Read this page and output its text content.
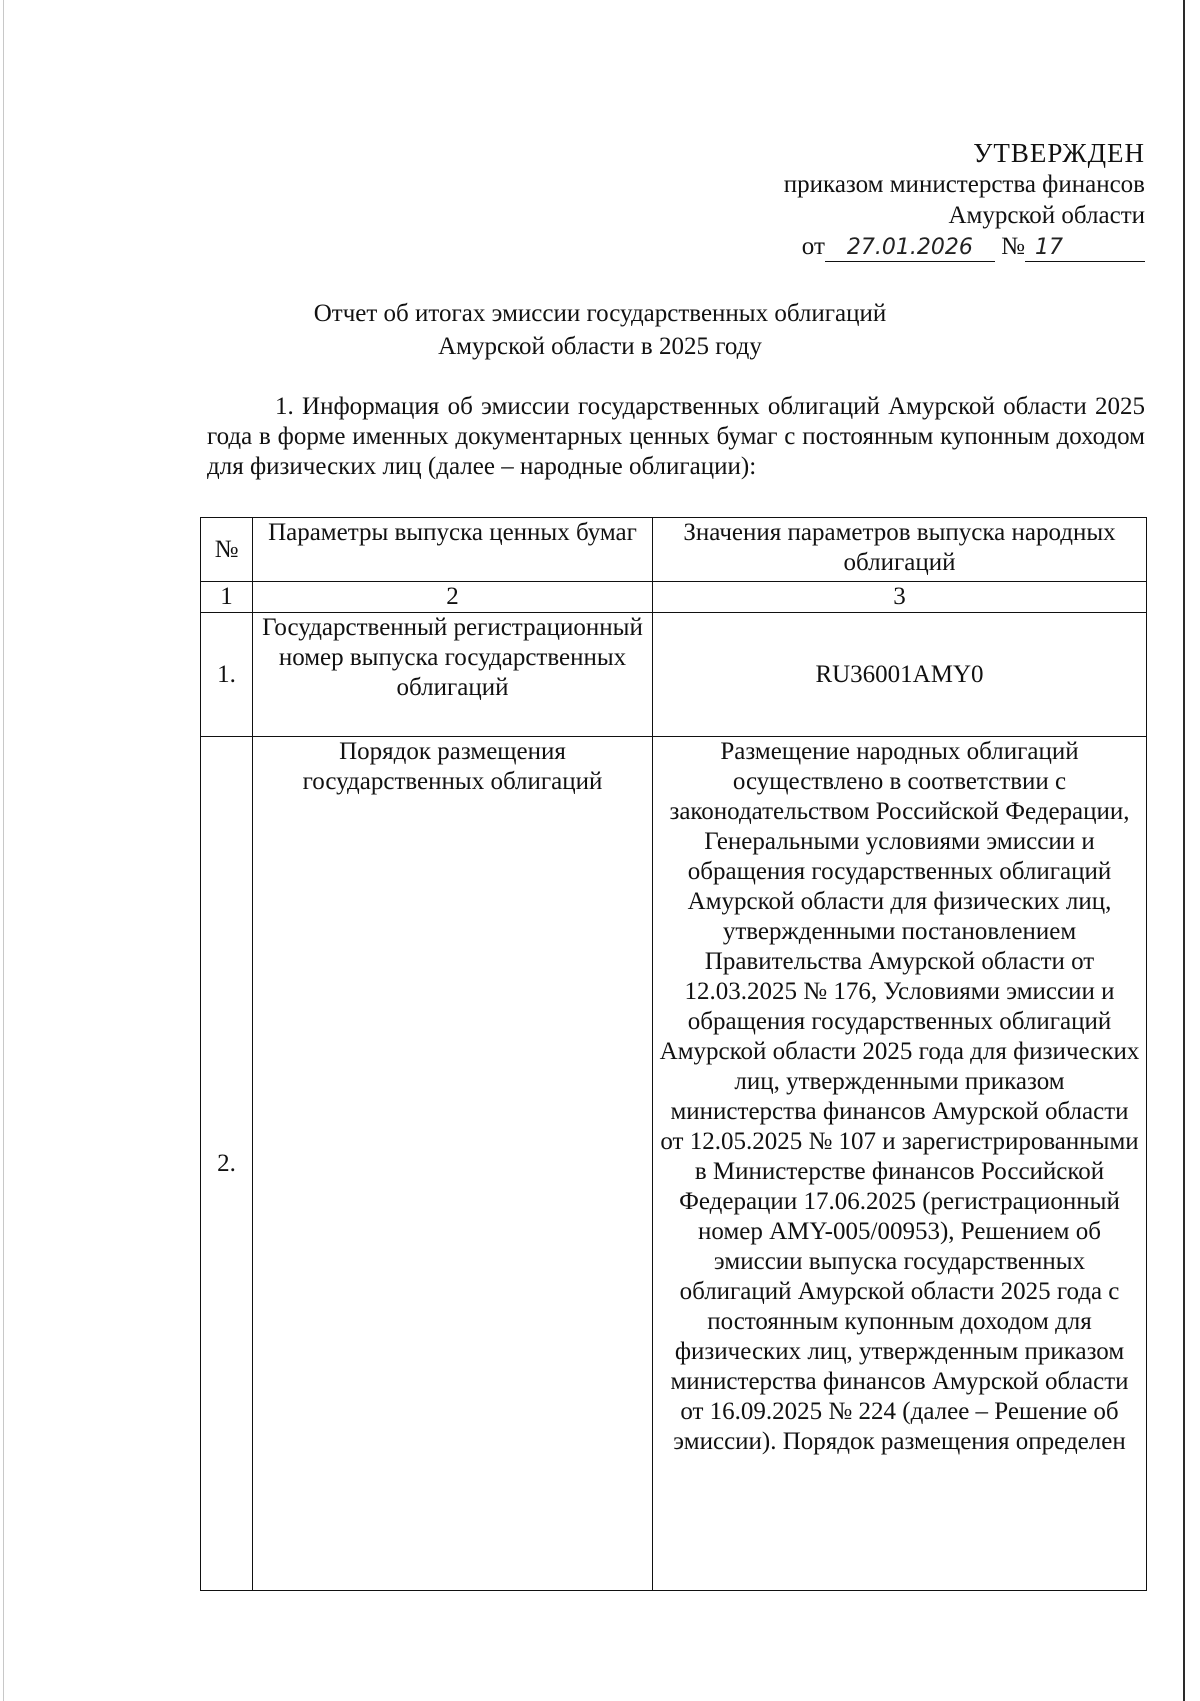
УТВЕРЖДЕН
приказом министерства финансов
Амурской области
от 27.01.2026 № 17
Отчет об итогах эмиссии государственных облигаций
Амурской области в 2025 году
1. Информация об эмиссии государственных облигаций Амурской области 2025 года в форме именных документарных ценных бумаг с постоянным купонным доходом для физических лиц (далее – народные облигации):
№	Параметры выпуска ценных бумаг	Значения параметров выпуска народных облигаций
1	2	3
1.	Государственный регистрационный номер выпуска государственных облигаций	RU36001AMY0
2.	Порядок размещения государственных облигаций	Размещение народных облигаций осуществлено в соответствии с законодательством Российской Федерации, Генеральными условиями эмиссии и обращения государственных облигаций Амурской области для физических лиц, утвержденными постановлением Правительства Амурской области от 12.03.2025 № 176, Условиями эмиссии и обращения государственных облигаций Амурской области 2025 года для физических лиц, утвержденными приказом министерства финансов Амурской области от 12.05.2025 № 107 и зарегистрированными в Министерстве финансов Российской Федерации 17.06.2025 (регистрационный номер AMY-005/00953), Решением об эмиссии выпуска государственных облигаций Амурской области 2025 года с постоянным купонным доходом для физических лиц, утвержденным приказом министерства финансов Амурской области от 16.09.2025 № 224 (далее – Решение об эмиссии). Порядок размещения определен
